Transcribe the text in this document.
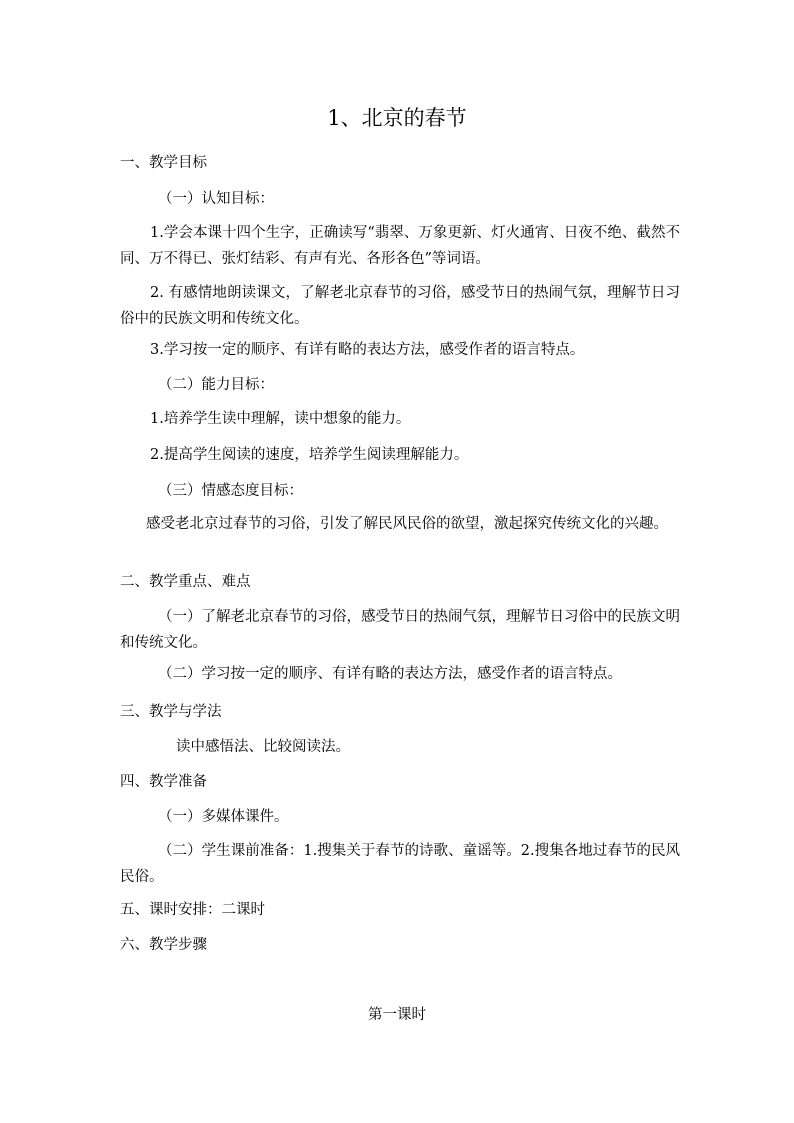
1、北京的春节
一、教学目标
（一）认知目标：
1.学会本课十四个生字，正确读写“翡翠、万象更新、灯火通宵、日夜不绝、截然不同、万不得已、张灯结彩、有声有光、各形各色”等词语。
2. 有感情地朗读课文，了解老北京春节的习俗，感受节日的热闹气氛，理解节日习俗中的民族文明和传统文化。
3.学习按一定的顺序、有详有略的表达方法，感受作者的语言特点。
（二）能力目标：
1.培养学生读中理解，读中想象的能力。
2.提高学生阅读的速度，培养学生阅读理解能力。
（三）情感态度目标：
感受老北京过春节的习俗，引发了解民风民俗的欲望，激起探究传统文化的兴趣。
二、教学重点、难点
（一）了解老北京春节的习俗，感受节日的热闹气氛，理解节日习俗中的民族文明和传统文化。
（二）学习按一定的顺序、有详有略的表达方法，感受作者的语言特点。
三、教学与学法
读中感悟法、比较阅读法。
四、教学准备
（一）多媒体课件。
（二）学生课前准备：1.搜集关于春节的诗歌、童谣等。2.搜集各地过春节的民风民俗。
五、课时安排：二课时
六、教学步骤
第一课时
